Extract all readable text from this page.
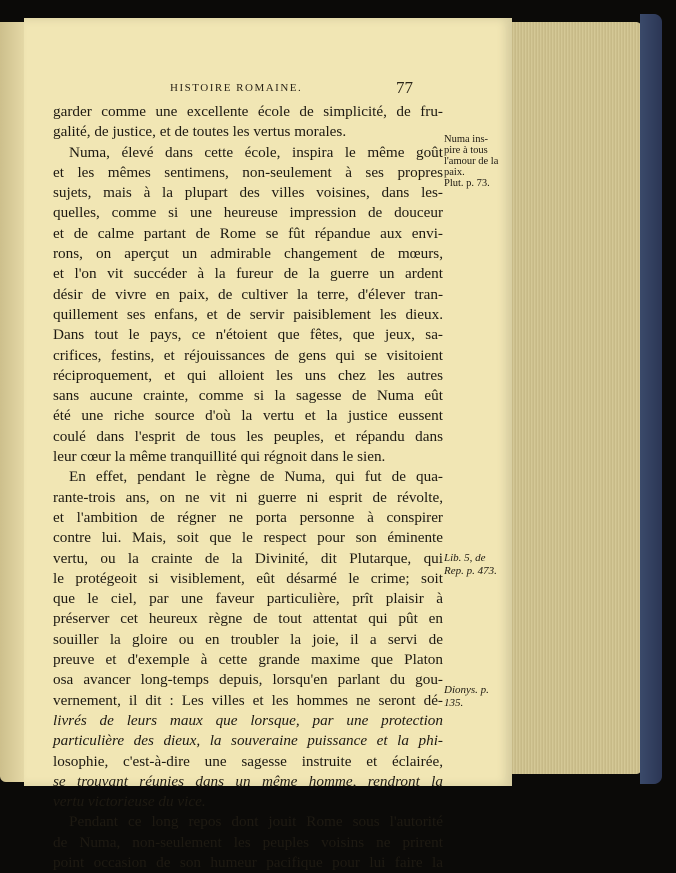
HISTOIRE ROMAINE.	77
garder comme une excellente école de simplicité, de fru-
galité, de justice, et de toutes les vertus morales.
Numa, élevé dans cette école, inspira le même goût
et les mêmes sentimens, non-seulement à ses propres
sujets, mais à la plupart des villes voisines, dans les-
quelles, comme si une heureuse impression de douceur
et de calme partant de Rome se fût répandue aux envi-
rons, on aperçut un admirable changement de mœurs,
et l'on vit succéder à la fureur de la guerre un ardent
désir de vivre en paix, de cultiver la terre, d'élever tran-
quillement ses enfans, et de servir paisiblement les dieux.
Dans tout le pays, ce n'étoient que fêtes, que jeux, sa-
crifices, festins, et réjouissances de gens qui se visitoient
réciproquement, et qui alloient les uns chez les autres
sans aucune crainte, comme si la sagesse de Numa eût
été une riche source d'où la vertu et la justice eussent
coulé dans l'esprit de tous les peuples, et répandu dans
leur cœur la même tranquillité qui régnoit dans le sien.
En effet, pendant le règne de Numa, qui fut de qua-
rante-trois ans, on ne vit ni guerre ni esprit de révolte,
et l'ambition de régner ne porta personne à conspirer
contre lui. Mais, soit que le respect pour son éminente
vertu, ou la crainte de la Divinité, dit Plutarque, qui
le protégeoit si visiblement, eût désarmé le crime; soit
que le ciel, par une faveur particulière, prît plaisir à
préserver cet heureux règne de tout attentat qui pût en
souiller la gloire ou en troubler la joie, il a servi de
preuve et d'exemple à cette grande maxime que Platon
osa avancer long-temps depuis, lorsqu'en parlant du gou-
vernement, il dit : Les villes et les hommes ne seront dé-
livrés de leurs maux que lorsque, par une protection
particulière des dieux, la souveraine puissance et la phi-
losophie, c'est-à-dire une sagesse instruite et éclairée,
se trouvant réunies dans un même homme, rendront la
vertu victorieuse du vice.
Pendant ce long repos dont jouit Rome sous l'autorité
de Numa, non-seulement les peuples voisins ne prirent
point occasion de son humeur pacifique pour lui faire la
Numa ins-
pire à tous
l'amour de la
paix.
Plut. p. 73.
Lib. 5, de
Rep. p. 473.
Dionys. p.
135.
